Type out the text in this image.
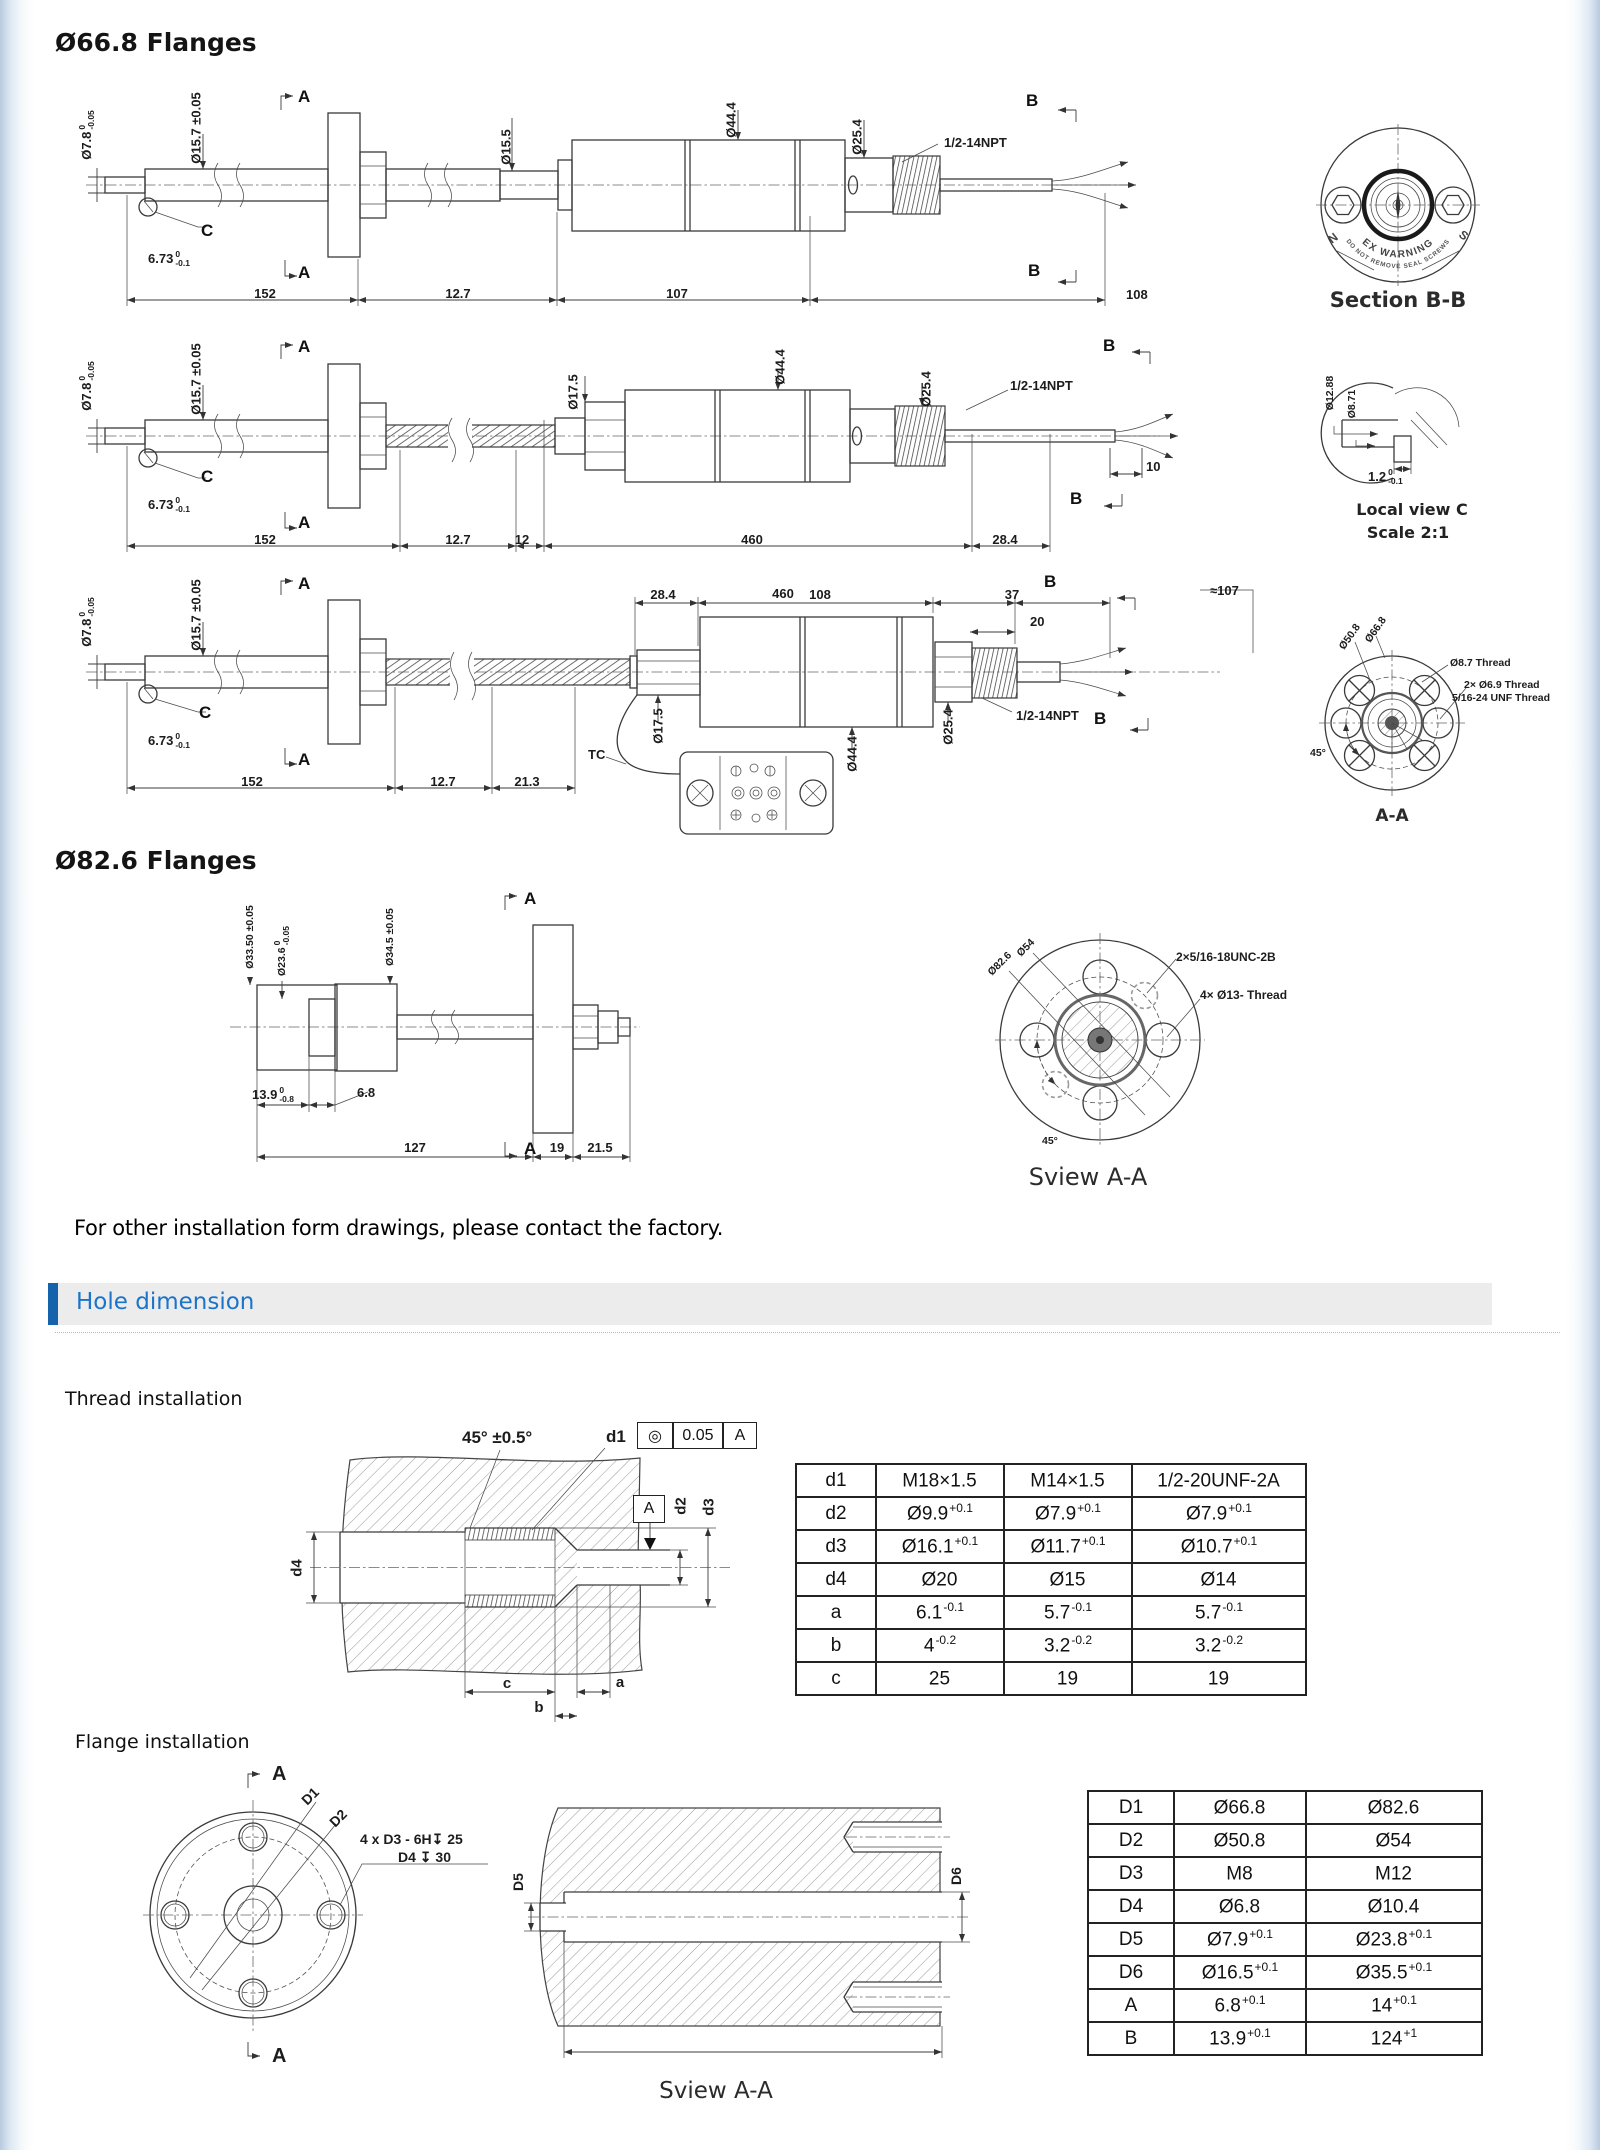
Ø66.8 Flanges
Ø7.8
0
-0.05	Ø15.7 ±0.05	Ø15.5
Ø44.4	Ø25.4	1/2-14NPT
A
A
B
B
C
6.73 0
-0.1
152	12.7	107	108
EX WARNING
N	S
DO NOT REMOVE SEAL SCREWS
Section B-B
Ø7.8
0
-0.05	Ø15.7 ±0.05	Ø17.5
Ø44.4
Ø25.4	1/2-14NPT
A
A
B
B
C
6.73 0
-0.1
10
152	12.7	12	460	28.4
Ø12.88 Ø8.71
1.2 0
-0.1
Local view C
Scale 2:1
28.4	460 108	37
20
B	≈107
Ø7.8
0
-0.05	Ø15.7 ±0.05	A
A
Ø17.5
Ø44.4
Ø25.4	1/2-14NPT B
C
6.73 0
-0.1
TC
152	12.7	21.3
Ø50.8 Ø66.8
Ø8.7 Thread
2× Ø6.9 Thread
5/16-24 UNF Thread
45°
A-A
Ø82.6 Flanges
Ø33.50 ±0.05 Ø23.6
0
-0.05	Ø34.5 ±0.05
A
A
13.9 0
-0.8	6.8
127	19 21.5
Ø54
Ø82.6	2×5/16-18UNC-2B
4× Ø13- Thread
45°
Sview A-A
For other installation form drawings, please contact the factory.
Hole dimension
Thread installation
45° ±0.5°	d1	◎	0.05	A
A	d2 d3
d4
c	a
b
d1	M18×1.5	M14×1.5	1/2-20UNF-2A
d2	$Ø9.9^{+0.1}$	$Ø7.9^{+0.1}$	$Ø7.9^{+0.1}$
d3	$Ø16.1^{+0.1}$	$Ø11.7^{+0.1}$	$Ø10.7^{+0.1}$
d4	Ø20	Ø15	Ø14
a	$6.1^{-0.1}$	$5.7^{-0.1}$	$5.7^{-0.1}$
b	$4^{-0.2}$	$3.2^{-0.2}$	$3.2^{-0.2}$
c	25	19	19
Flange installation
D1
D2
A
A
4 x D3 - 6H↧ 25
D4 ↧ 30
D5	D6
Sview A-A
D1	Ø66.8	Ø82.6
D2	Ø50.8	Ø54
D3	M8	M12
D4	Ø6.8	Ø10.4
D5	$Ø7.9^{+0.1}$	$Ø23.8^{+0.1}$
D6	$Ø16.5^{+0.1}$	$Ø35.5^{+0.1}$
A	$6.8^{+0.1}$	$14^{+0.1}$
B	$13.9^{+0.1}$	$124^{+1}$
